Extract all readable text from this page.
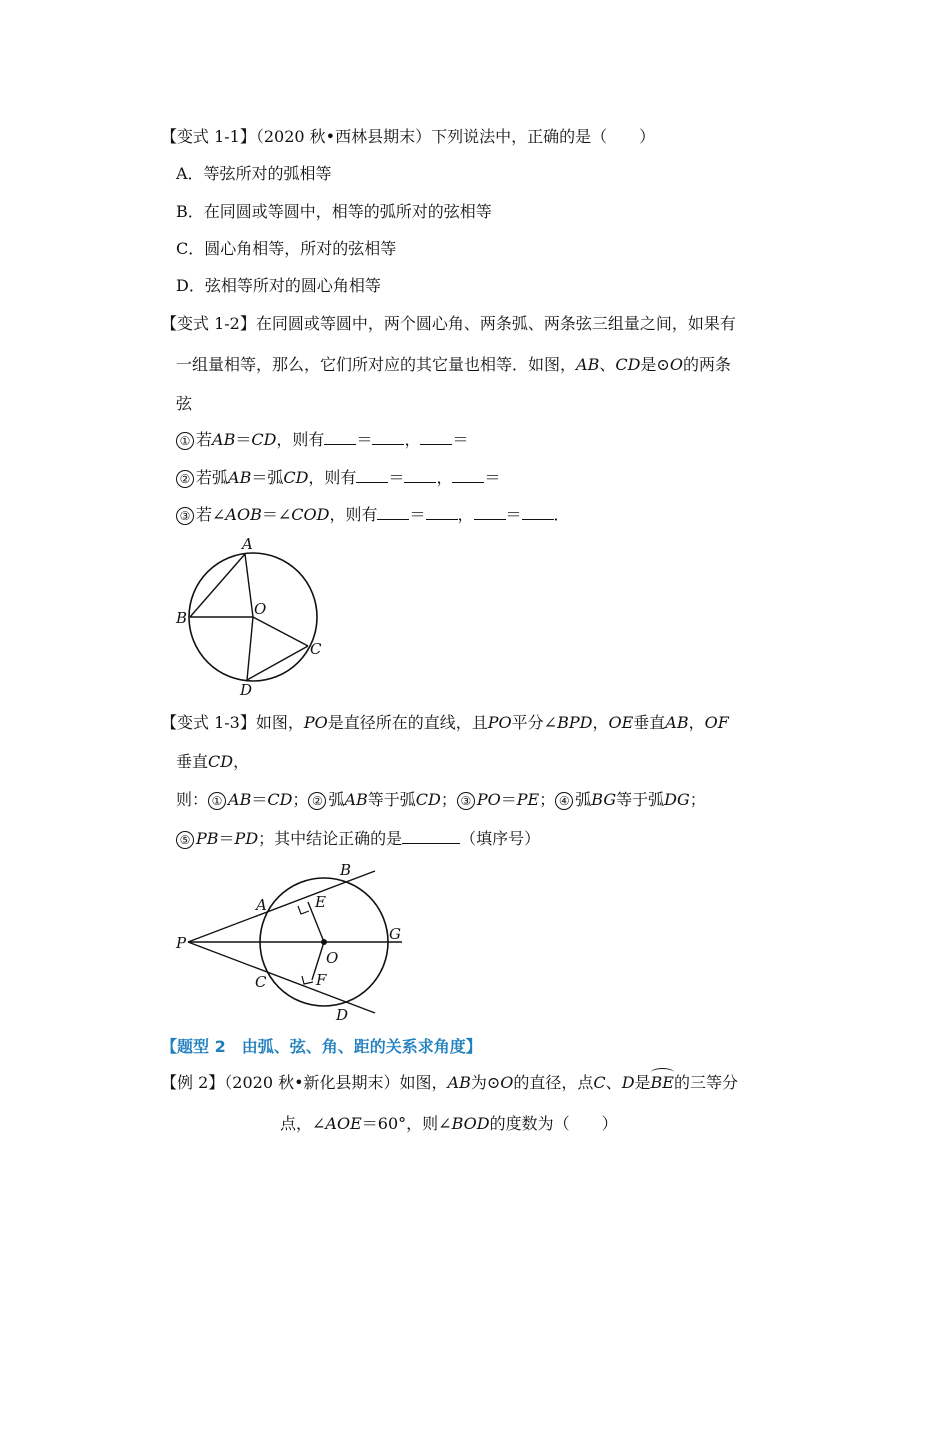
【变式 1-1】（2020 秋•西林县期末）下列说法中，正确的是（　　）
A．等弦所对的弧相等
B．在同圆或等圆中，相等的弧所对的弦相等
C．圆心角相等，所对的弦相等
D．弦相等所对的圆心角相等
【变式 1-2】在同圆或等圆中，两个圆心角、两条弧、两条弦三组量之间，如果有
一组量相等，那么，它们所对应的其它量也相等．如图，AB、CD是⊙O的两条
弦
① 若AB＝CD，则有 ＝ ， ＝
② 若弧AB＝弧CD，则有 ＝ ， ＝
③ 若∠AOB＝∠COD，则有 ＝ ， ＝ ．
A
B	O
C
D
【变式 1-3】如图，PO是直径所在的直线，且PO平分∠BPD，OE垂直AB，OF
垂直CD，
则： ① AB＝CD； ② 弧AB等于弧CD； ③ PO＝PE； ④ 弧BG等于弧DG；
⑤ PB＝PD；其中结论正确的是	（填序号）
P
A
B
E
G
O
C	F
D
【题型 2　由弧、弦、角、距的关系求角度】
【例 2】（2020 秋•新化县期末）如图，AB为⊙O的直径，点C、D是BE的三等分
点，∠AOE＝60°，则∠BOD的度数为（　　）
